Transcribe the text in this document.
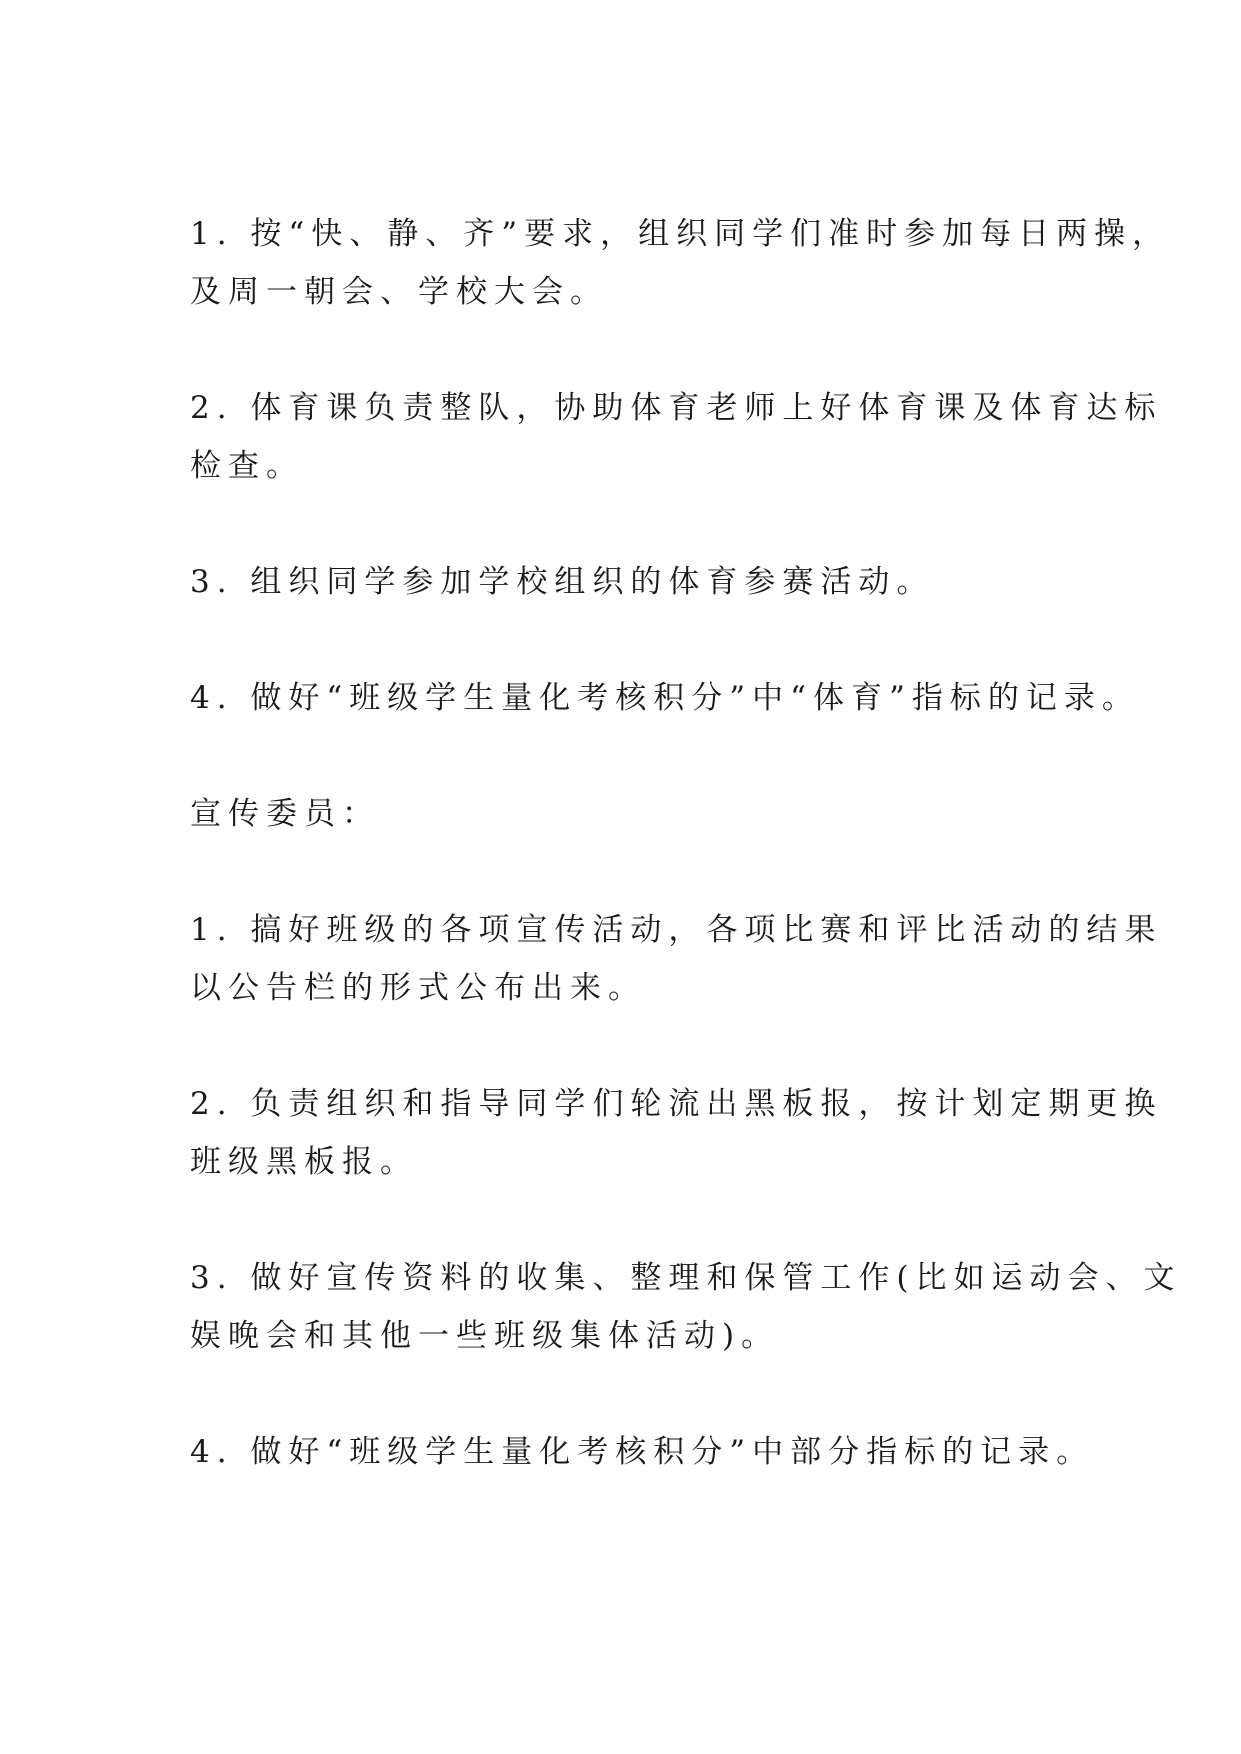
1. 按“快、静、齐”要求，组织同学们准时参加每日两操，
及周一朝会、学校大会。

2. 体育课负责整队，协助体育老师上好体育课及体育达标
检查。

3. 组织同学参加学校组织的体育参赛活动。

4. 做好“班级学生量化考核积分”中“体育”指标的记录。

宣传委员：

1. 搞好班级的各项宣传活动，各项比赛和评比活动的结果
以公告栏的形式公布出来。

2. 负责组织和指导同学们轮流出黑板报，按计划定期更换
班级黑板报。

3. 做好宣传资料的收集、整理和保管工作(比如运动会、文
娱晚会和其他一些班级集体活动)。

4. 做好“班级学生量化考核积分”中部分指标的记录。
